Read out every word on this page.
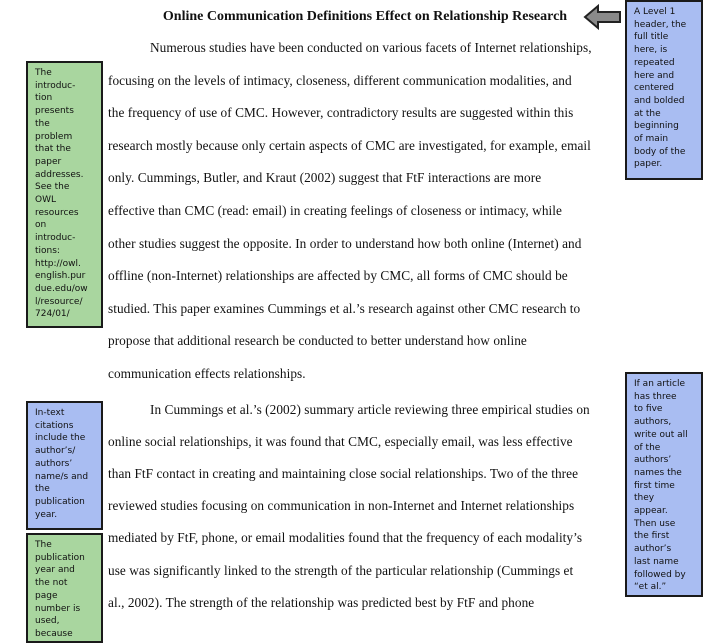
Online Communication Definitions Effect on Relationship Research
Numerous studies have been conducted on various facets of Internet relationships,
focusing on the levels of intimacy, closeness, different communication modalities, and
the frequency of use of CMC. However, contradictory results are suggested within this
research mostly because only certain aspects of CMC are investigated, for example, email
only. Cummings, Butler, and Kraut (2002) suggest that FtF interactions are more
effective than CMC (read: email) in creating feelings of closeness or intimacy, while
other studies suggest the opposite. In order to understand how both online (Internet) and
offline (non-Internet) relationships are affected by CMC, all forms of CMC should be
studied. This paper examines Cummings et al.’s research against other CMC research to
propose that additional research be conducted to better understand how online
communication effects relationships.
In Cummings et al.’s (2002) summary article reviewing three empirical studies on
online social relationships, it was found that CMC, especially email, was less effective
than FtF contact in creating and maintaining close social relationships. Two of the three
reviewed studies focusing on communication in non-Internet and Internet relationships
mediated by FtF, phone, or email modalities found that the frequency of each modality’s
use was significantly linked to the strength of the particular relationship (Cummings et
al., 2002). The strength of the relationship was predicted best by FtF and phone
A Level 1
header, the
full title
here, is
repeated
here and
centered
and bolded
at the
beginning
of main
body of the
paper.
The
introduc-
tion
presents
the
problem
that the
paper
addresses.
See the
OWL
resources
on
introduc-
tions:
http://owl.
english.pur
due.edu/ow
l/resource/
724/01/
If an article
has three
to five
authors,
write out all
of the
authors’
names the
first time
they
appear.
Then use
the first
author’s
last name
followed by
“et al.”
In-text
citations
include the
author’s/
authors’
name/s and
the
publication
year.
The
publication
year and
the not
page
number is
used,
because
